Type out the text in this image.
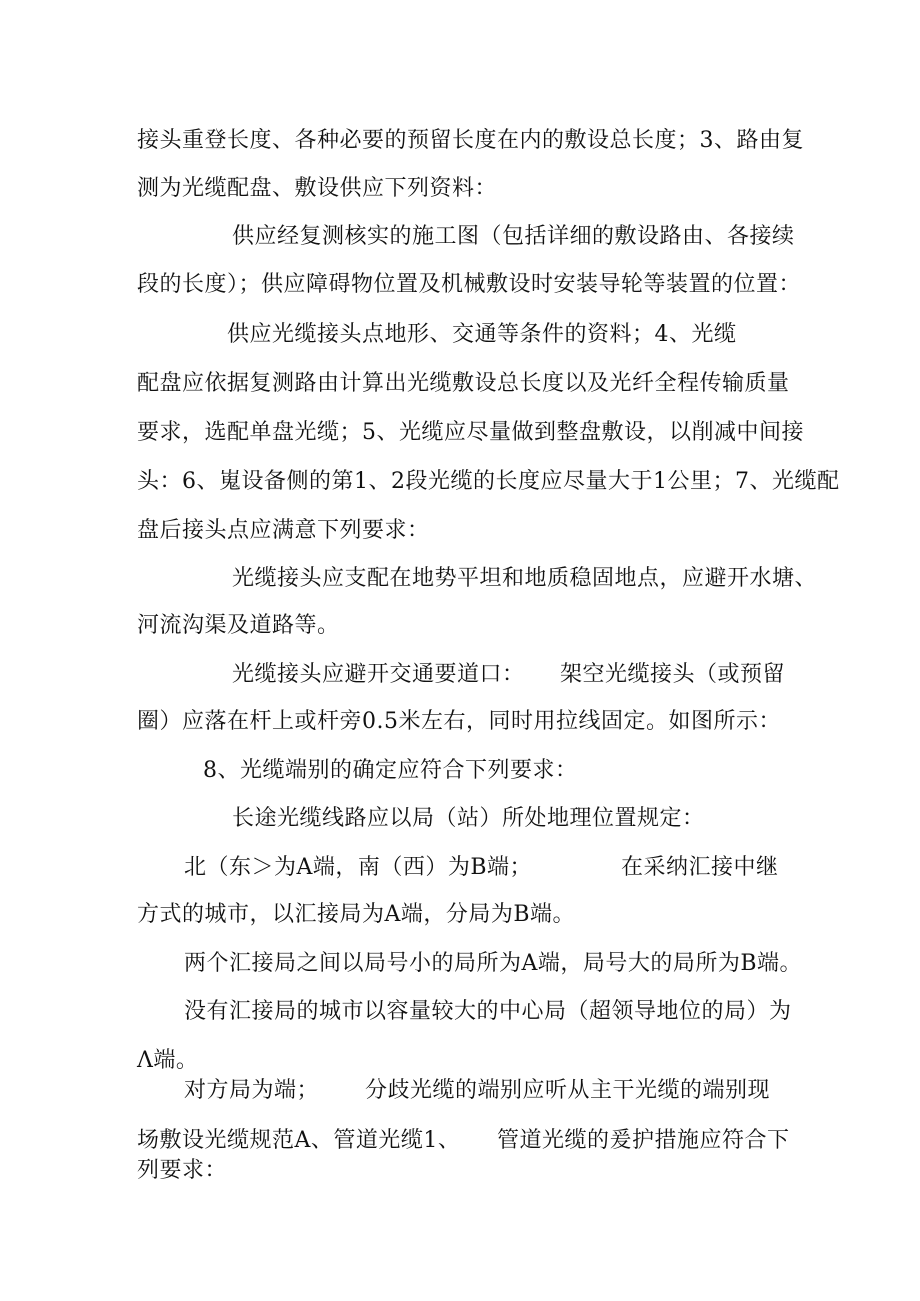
接头重登长度、各种必要的预留长度在内的敷设总长度；3、路由复
测为光缆配盘、敷设供应下列资料：
供应经复测核实的施工图（包括详细的敷设路由、各接续
段的长度）；供应障碍物位置及机械敷设时安装导轮等装置的位置：
供应光缆接头点地形、交通等条件的资料；4、光缆
配盘应依据复测路由计算出光缆敷设总长度以及光纤全程传输质量
要求，选配单盘光缆；5、光缆应尽量做到整盘敷设，以削减中间接
头：6、嵬设备侧的第1、2段光缆的长度应尽量大于1公里；7、光缆配
盘后接头点应满意下列要求：
光缆接头应支配在地势平坦和地质稳固地点，应避开水塘、
河流沟渠及道路等。
光缆接头应避开交通要道口： 架空光缆接头（或预留
圈）应落在杆上或杆旁0.5米左右，同时用拉线固定。如图所示：
8、光缆端别的确定应符合下列要求：
长途光缆线路应以局（站）所处地理位置规定：
北（东＞为A端，南（西）为B端；	在采纳汇接中继
方式的城市，以汇接局为A端，分局为B端。
两个汇接局之间以局号小的局所为A端，局号大的局所为B端。
没有汇接局的城市以容量较大的中心局（超领导地位的局）为
Λ端。
对方局为端； 分歧光缆的端别应听从主干光缆的端别现
场敷设光缆规范A、管道光缆1、 管道光缆的爰护措施应符合下
列要求：
